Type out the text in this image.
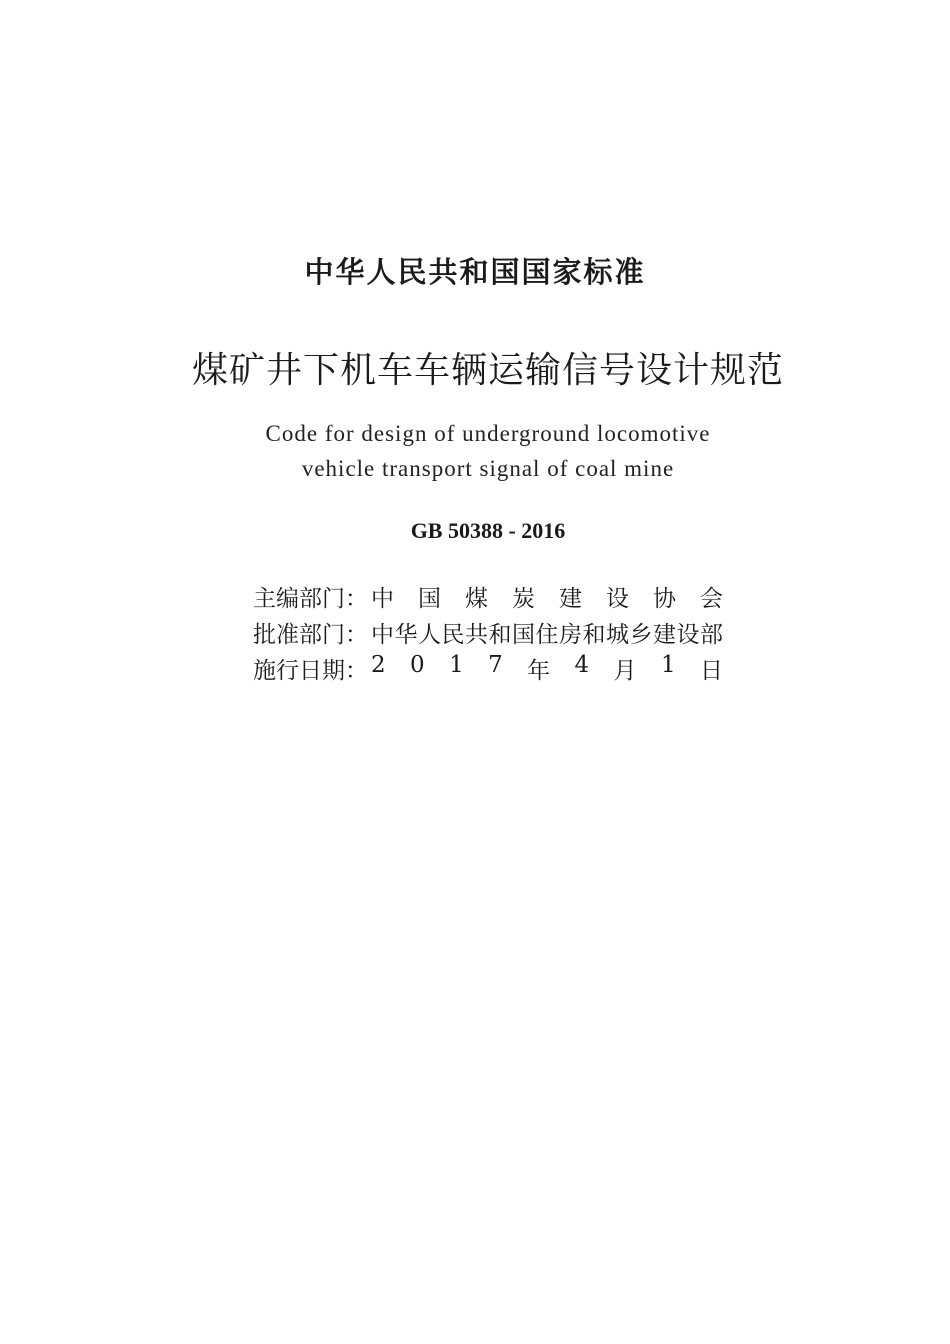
中华人民共和国国家标准
煤矿井下机车车辆运输信号设计规范
Code for design of underground locomotive
vehicle transport signal of coal mine
GB 50388 - 2016
主编部门： 中 国 煤 炭 建 设 协 会
批准部门： 中 华 人 民 共 和 国 住 房 和 城 乡 建 设 部
施行日期： 2 0 1 7 年 4 月 1 日
